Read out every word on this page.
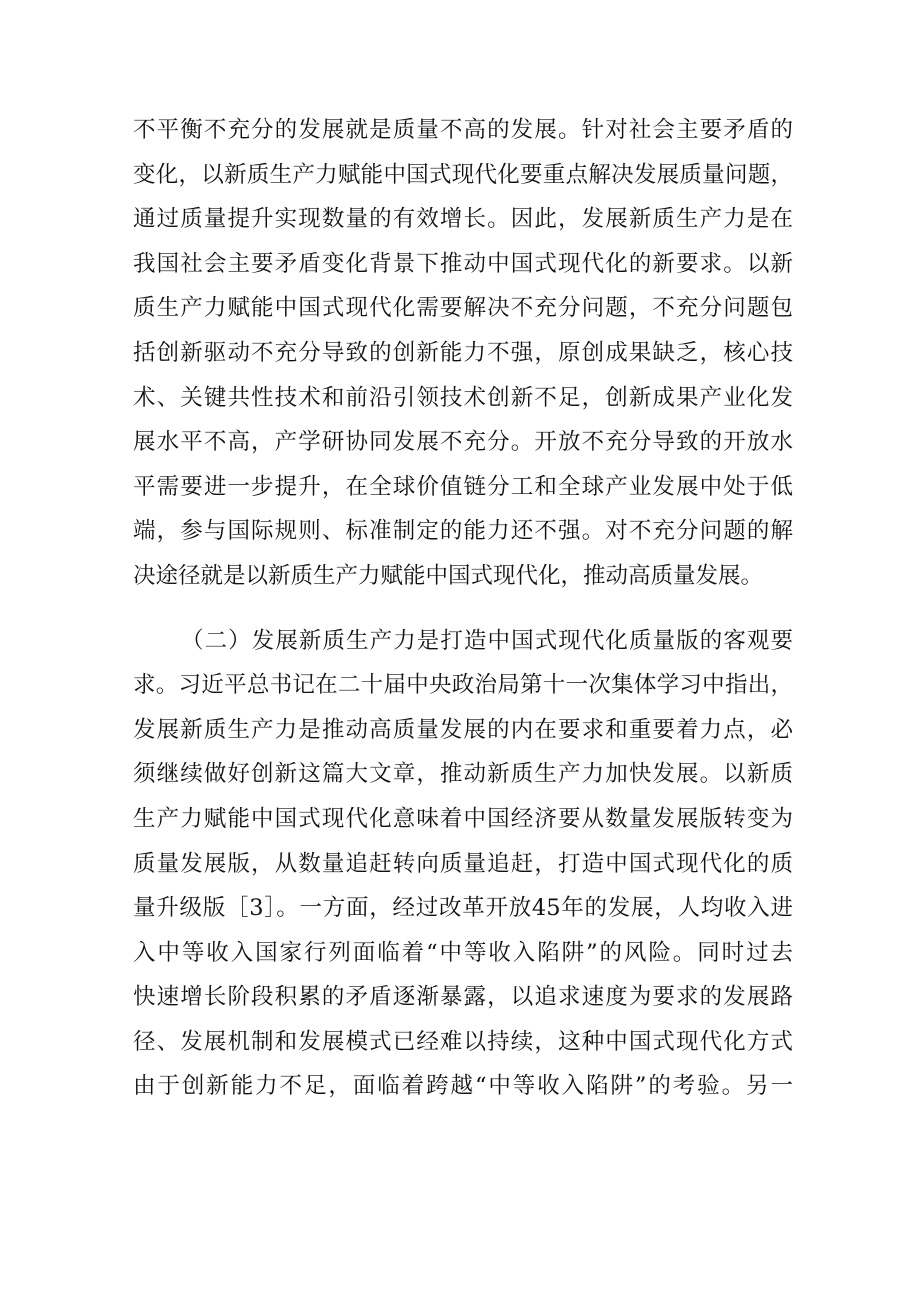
不平衡不充分的发展就是质量不高的发展。针对社会主要矛盾的
变化，以新质生产力赋能中国式现代化要重点解决发展质量问题，
通过质量提升实现数量的有效增长。因此，发展新质生产力是在
我国社会主要矛盾变化背景下推动中国式现代化的新要求。以新
质生产力赋能中国式现代化需要解决不充分问题，不充分问题包
括创新驱动不充分导致的创新能力不强，原创成果缺乏，核心技
术、关键共性技术和前沿引领技术创新不足，创新成果产业化发
展水平不高，产学研协同发展不充分。开放不充分导致的开放水
平需要进一步提升，在全球价值链分工和全球产业发展中处于低
端，参与国际规则、标准制定的能力还不强。对不充分问题的解
决途径就是以新质生产力赋能中国式现代化，推动高质量发展。
（二）发展新质生产力是打造中国式现代化质量版的客观要
求。习近平总书记在二十届中央政治局第十一次集体学习中指出，
发展新质生产力是推动高质量发展的内在要求和重要着力点，必
须继续做好创新这篇大文章，推动新质生产力加快发展。以新质
生产力赋能中国式现代化意味着中国经济要从数量发展版转变为
质量发展版，从数量追赶转向质量追赶，打造中国式现代化的质
量升级版［3］。一方面，经过改革开放45年的发展，人均收入进
入中等收入国家行列面临着“中等收入陷阱”的风险。同时过去
快速增长阶段积累的矛盾逐渐暴露，以追求速度为要求的发展路
径、发展机制和发展模式已经难以持续，这种中国式现代化方式
由于创新能力不足，面临着跨越“中等收入陷阱”的考验。另一
